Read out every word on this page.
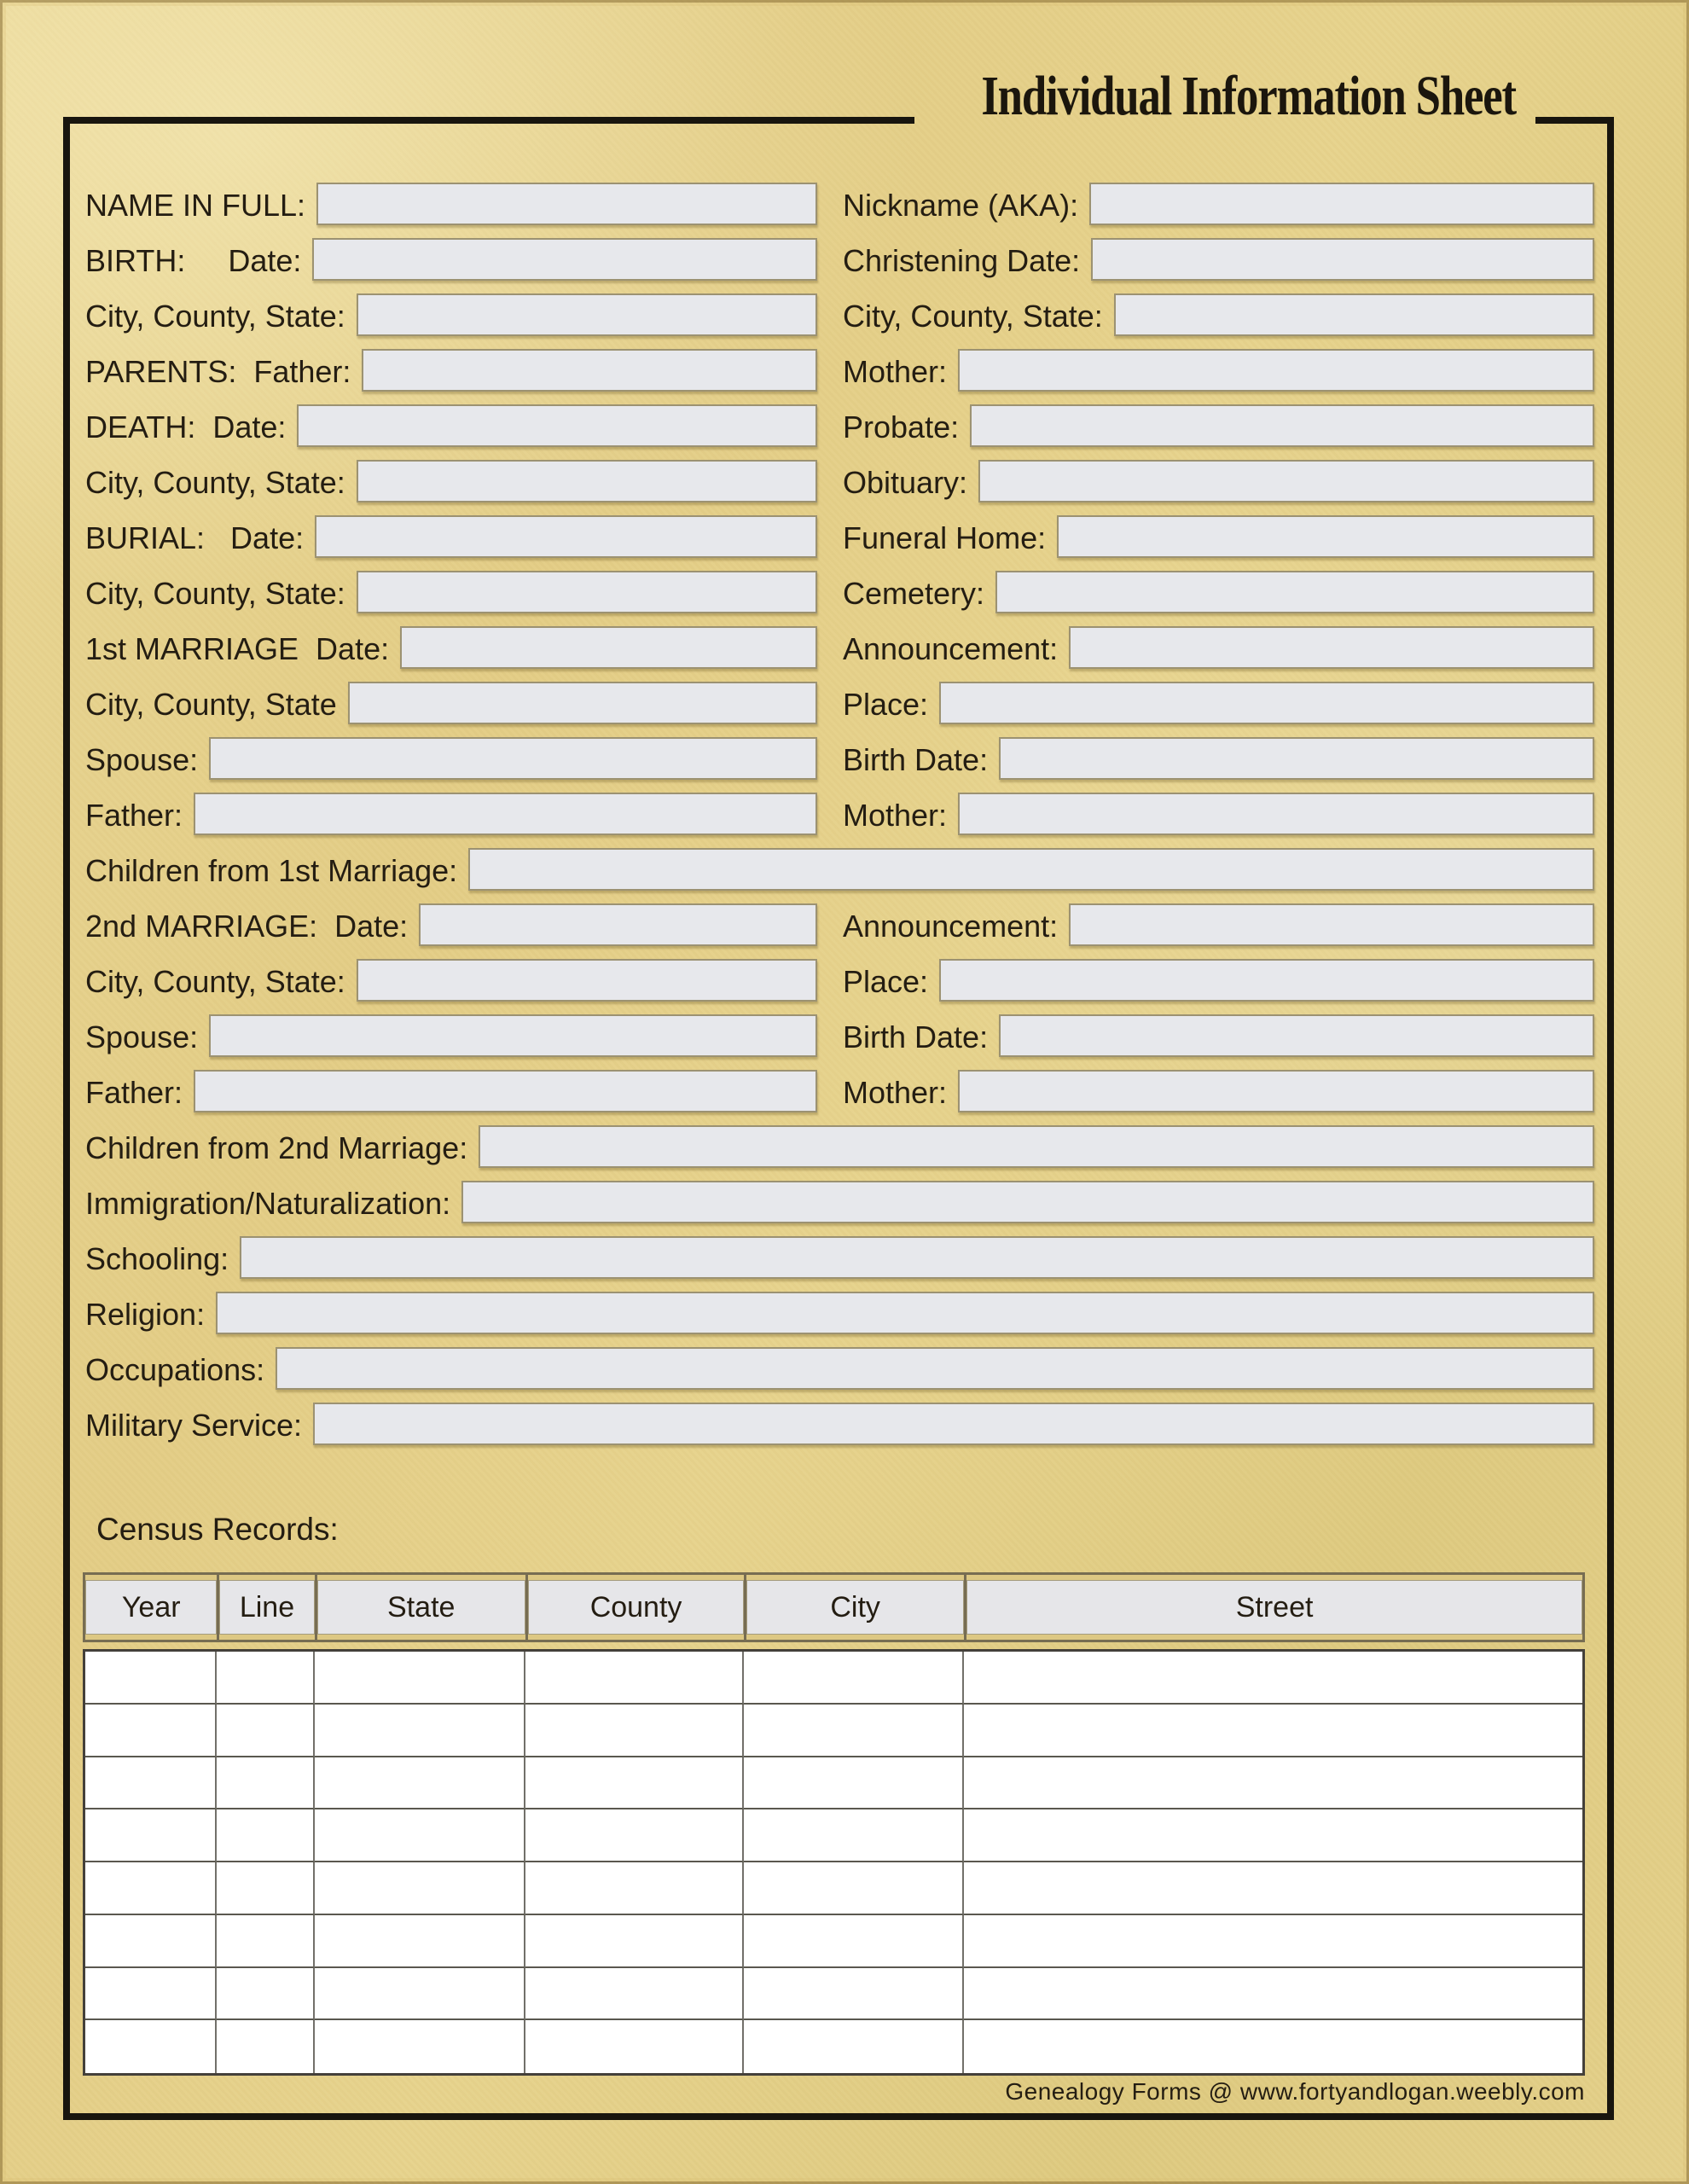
Individual Information Sheet
NAME IN FULL:	Nickname (AKA):
BIRTH:     Date:	Christening Date:
City, County, State:	City, County, State:
PARENTS:  Father:	Mother:
DEATH:  Date:	Probate:
City, County, State:	Obituary:
BURIAL:   Date:	Funeral Home:
City, County, State:	Cemetery:
1st MARRIAGE  Date:	Announcement:
City, County, State	Place:
Spouse:	Birth Date:
Father:	Mother:
Children from 1st Marriage:
2nd MARRIAGE:  Date:	Announcement:
City, County, State:	Place:
Spouse:	Birth Date:
Father:	Mother:
Children from 2nd Marriage:
Immigration/Naturalization:
Schooling:
Religion:
Occupations:
Military Service:
Census Records:
Year	Line	State	County	City	Street
Genealogy Forms @ www.fortyandlogan.weebly.com
